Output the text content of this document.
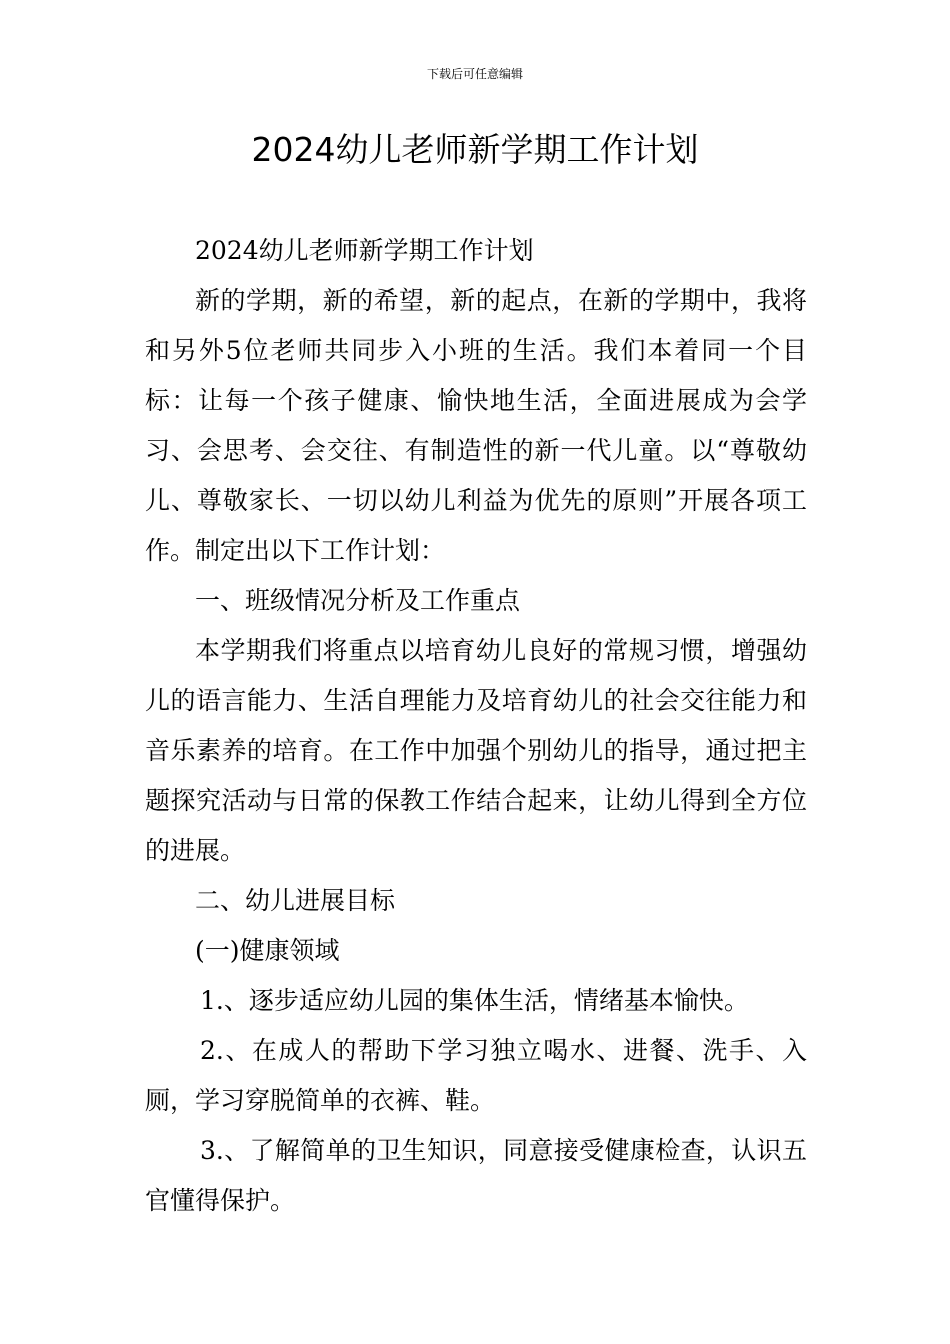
下载后可任意编辑
2024幼儿老师新学期工作计划

2024幼儿老师新学期工作计划

新的学期，新的希望，新的起点，在新的学期中，我将和另外5位老师共同步入小班的生活。我们本着同一个目标：让每一个孩子健康、愉快地生活，全面进展成为会学习、会思考、会交往、有制造性的新一代儿童。以“尊敬幼儿、尊敬家长、一切以幼儿利益为优先的原则”开展各项工作。制定出以下工作计划：

一、班级情况分析及工作重点

本学期我们将重点以培育幼儿良好的常规习惯，增强幼儿的语言能力、生活自理能力及培育幼儿的社会交往能力和音乐素养的培育。在工作中加强个别幼儿的指导，通过把主题探究活动与日常的保教工作结合起来，让幼儿得到全方位的进展。

二、幼儿进展目标

(一)健康领域

1.、逐步适应幼儿园的集体生活，情绪基本愉快。

2.、在成人的帮助下学习独立喝水、进餐、洗手、入厕，学习穿脱简单的衣裤、鞋。

3.、了解简单的卫生知识，同意接受健康检查，认识五官懂得保护。
